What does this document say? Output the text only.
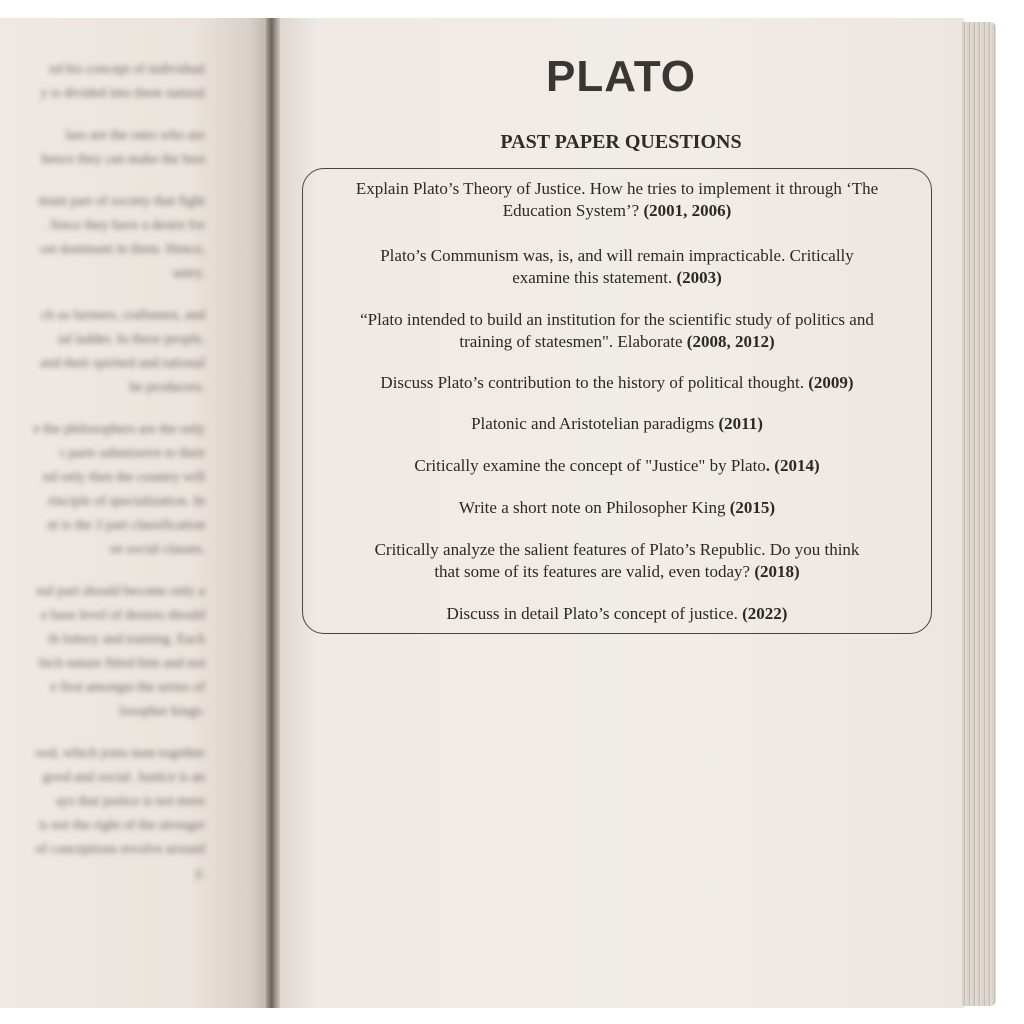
ed his concept of individual
y is divided into three natural
lass are the ones who are
hence they can make the best
ittant part of society that fight
. Since they have a desire for
ost dominant in them. Hence,
untry.
ch as farmers, craftsmen, and
ial ladder. In these people,
and their spirited and rational
he producers.
e the philosophers are the only
r parts submissive to their
nd only then the country will
rinciple of specialization. In
nt is the 3 part classification
ee social classes.
nal part should become only a
e base level of desires should
th lottery and training. Each
hich nature fitted him and not
e first amongst the series of
losopher kings.
ood, which joins man together
good and social. Justice is an
ays that justice is not mere
is not the right of the stronger
of conceptions revolve around
y.
PLATO
PAST PAPER QUESTIONS
Explain Plato’s Theory of Justice. How he tries to implement it through ‘The
Education System’? (2001, 2006)
Plato’s Communism was, is, and will remain impracticable. Critically
examine this statement. (2003)
“Plato intended to build an institution for the scientific study of politics and
training of statesmen". Elaborate (2008, 2012)
Discuss Plato’s contribution to the history of political thought. (2009)
Platonic and Aristotelian paradigms (2011)
Critically examine the concept of "Justice" by Plato. (2014)
Write a short note on Philosopher King (2015)
Critically analyze the salient features of Plato’s Republic. Do you think
that some of its features are valid, even today? (2018)
Discuss in detail Plato’s concept of justice. (2022)
